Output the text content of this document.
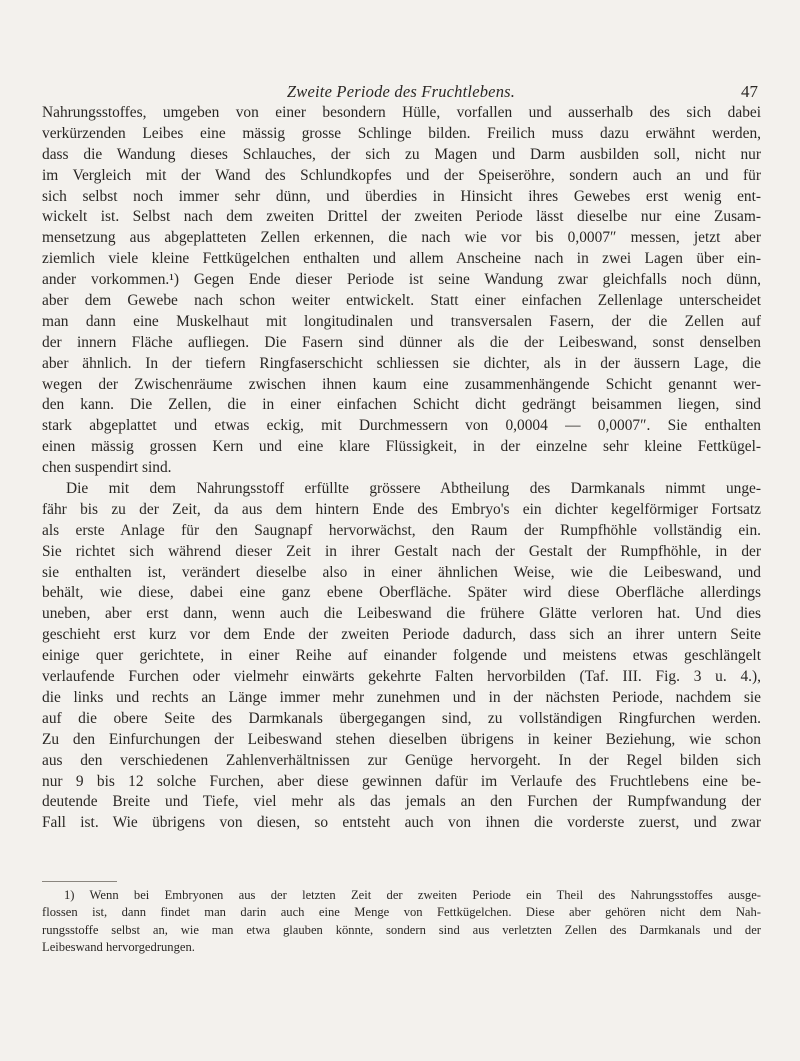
Zweite Periode des Fruchtlebens.	47
Nahrungsstoffes, umgeben von einer besondern Hülle, vorfallen und ausserhalb des sich dabei
verkürzenden Leibes eine mässig grosse Schlinge bilden. Freilich muss dazu erwähnt werden,
dass die Wandung dieses Schlauches, der sich zu Magen und Darm ausbilden soll, nicht nur
im Vergleich mit der Wand des Schlundkopfes und der Speiseröhre, sondern auch an und für
sich selbst noch immer sehr dünn, und überdies in Hinsicht ihres Gewebes erst wenig ent-
wickelt ist. Selbst nach dem zweiten Drittel der zweiten Periode lässt dieselbe nur eine Zusam-
mensetzung aus abgeplatteten Zellen erkennen, die nach wie vor bis 0,0007″ messen, jetzt aber
ziemlich viele kleine Fettkügelchen enthalten und allem Anscheine nach in zwei Lagen über ein-
ander vorkommen.¹) Gegen Ende dieser Periode ist seine Wandung zwar gleichfalls noch dünn,
aber dem Gewebe nach schon weiter entwickelt. Statt einer einfachen Zellenlage unterscheidet
man dann eine Muskelhaut mit longitudinalen und transversalen Fasern, der die Zellen auf
der innern Fläche aufliegen. Die Fasern sind dünner als die der Leibeswand, sonst denselben
aber ähnlich. In der tiefern Ringfaserschicht schliessen sie dichter, als in der äussern Lage, die
wegen der Zwischenräume zwischen ihnen kaum eine zusammenhängende Schicht genannt wer-
den kann. Die Zellen, die in einer einfachen Schicht dicht gedrängt beisammen liegen, sind
stark abgeplattet und etwas eckig, mit Durchmessern von 0,0004 — 0,0007″. Sie enthalten
einen mässig grossen Kern und eine klare Flüssigkeit, in der einzelne sehr kleine Fettkügel-
chen suspendirt sind.
Die mit dem Nahrungsstoff erfüllte grössere Abtheilung des Darmkanals nimmt unge-
fähr bis zu der Zeit, da aus dem hintern Ende des Embryo's ein dichter kegelförmiger Fortsatz
als erste Anlage für den Saugnapf hervorwächst, den Raum der Rumpfhöhle vollständig ein.
Sie richtet sich während dieser Zeit in ihrer Gestalt nach der Gestalt der Rumpfhöhle, in der
sie enthalten ist, verändert dieselbe also in einer ähnlichen Weise, wie die Leibeswand, und
behält, wie diese, dabei eine ganz ebene Oberfläche. Später wird diese Oberfläche allerdings
uneben, aber erst dann, wenn auch die Leibeswand die frühere Glätte verloren hat. Und dies
geschieht erst kurz vor dem Ende der zweiten Periode dadurch, dass sich an ihrer untern Seite
einige quer gerichtete, in einer Reihe auf einander folgende und meistens etwas geschlängelt
verlaufende Furchen oder vielmehr einwärts gekehrte Falten hervorbilden (Taf. III. Fig. 3 u. 4.),
die links und rechts an Länge immer mehr zunehmen und in der nächsten Periode, nachdem sie
auf die obere Seite des Darmkanals übergegangen sind, zu vollständigen Ringfurchen werden.
Zu den Einfurchungen der Leibeswand stehen dieselben übrigens in keiner Beziehung, wie schon
aus den verschiedenen Zahlenverhältnissen zur Genüge hervorgeht. In der Regel bilden sich
nur 9 bis 12 solche Furchen, aber diese gewinnen dafür im Verlaufe des Fruchtlebens eine be-
deutende Breite und Tiefe, viel mehr als das jemals an den Furchen der Rumpfwandung der
Fall ist. Wie übrigens von diesen, so entsteht auch von ihnen die vorderste zuerst, und zwar
1) Wenn bei Embryonen aus der letzten Zeit der zweiten Periode ein Theil des Nahrungsstoffes ausge-
flossen ist, dann findet man darin auch eine Menge von Fettkügelchen. Diese aber gehören nicht dem Nah-
rungsstoffe selbst an, wie man etwa glauben könnte, sondern sind aus verletzten Zellen des Darmkanals und der
Leibeswand hervorgedrungen.
